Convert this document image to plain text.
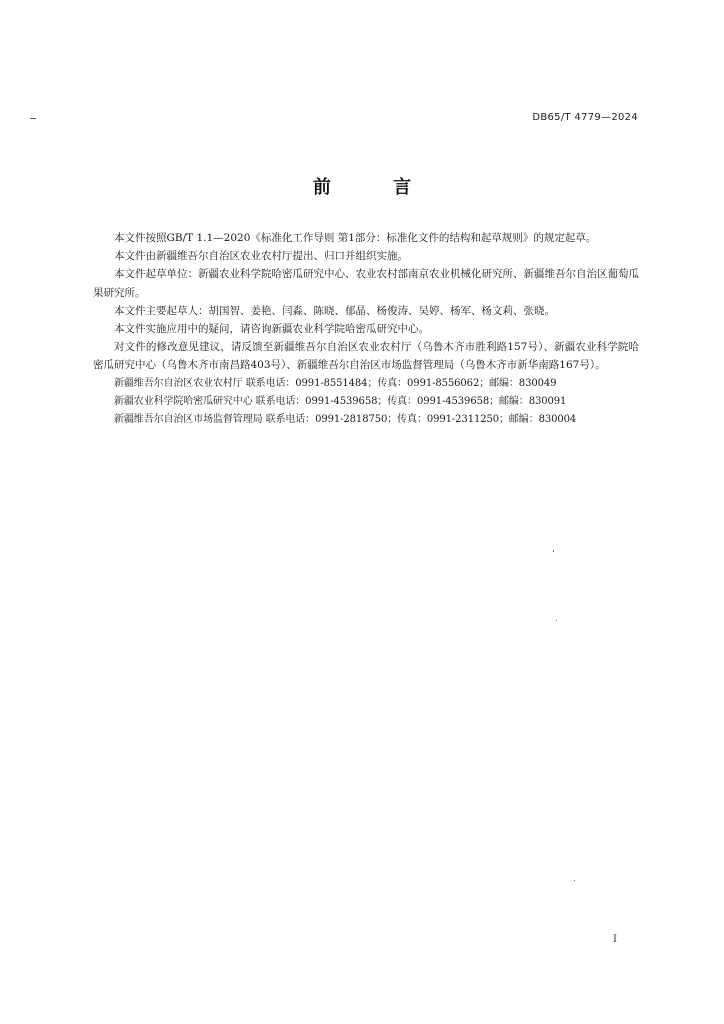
DB65/T 4779—2024
前 言

本文件按照GB/T 1.1—2020《标准化工作导则 第1部分：标准化文件的结构和起草规则》的规定起草。

本文件由新疆维吾尔自治区农业农村厅提出、归口并组织实施。

本文件起草单位：新疆农业科学院哈密瓜研究中心、农业农村部南京农业机械化研究所、新疆维吾尔自治区葡萄瓜果研究所。

本文件主要起草人：胡国智、姜艳、闫淼、陈晓、郁晶、杨俊涛、吴婷、杨军、杨文莉、张晓。

本文件实施应用中的疑问，请咨询新疆农业科学院哈密瓜研究中心。

对文件的修改意见建议，请反馈至新疆维吾尔自治区农业农村厅（乌鲁木齐市胜利路157号）、新疆农业科学院哈密瓜研究中心（乌鲁木齐市南昌路403号）、新疆维吾尔自治区市场监督管理局（乌鲁木齐市新华南路167号）。

新疆维吾尔自治区农业农村厅 联系电话：0991-8551484；传真：0991-8556062；邮编：830049
新疆农业科学院哈密瓜研究中心 联系电话：0991-4539658；传真：0991-4539658；邮编：830091
新疆维吾尔自治区市场监督管理局 联系电话：0991-2818750；传真：0991-2311250；邮编：830004
I
